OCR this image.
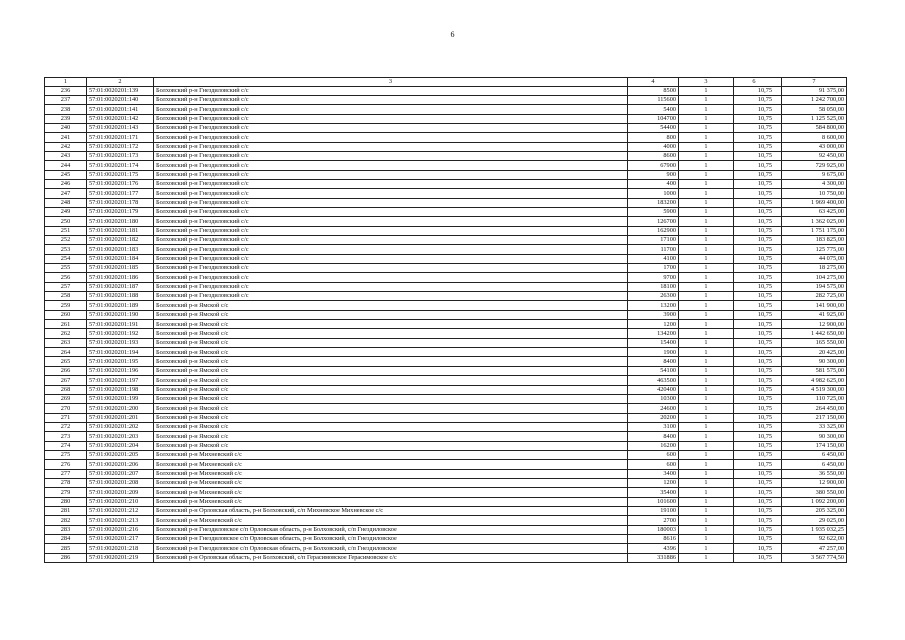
6
1	2	3	4	3	6	7
236	57:01:0020201:139	Болховский р-н Гнездиловский с/с	8500	1	10,75	91 375,00
237	57:01:0020201:140	Болховский р-н Гнездиловский с/с	115600	1	10,75	1 242 700,00
238	57:01:0020201:141	Болховский р-н Гнездиловский с/с	5400	1	10,75	58 050,00
239	57:01:0020201:142	Болховский р-н Гнездиловский с/с	104700	1	10,75	1 125 525,00
240	57:01:0020201:143	Болховский р-н Гнездиловский с/с	54400	1	10,75	584 800,00
241	57:01:0020201:171	Болховский р-н Гнездиловский с/с	800	1	10,75	8 600,00
242	57:01:0020201:172	Болховский р-н Гнездиловский с/с	4000	1	10,75	43 000,00
243	57:01:0020201:173	Болховский р-н Гнездиловский с/с	8600	1	10,75	92 450,00
244	57:01:0020201:174	Болховский р-н Гнездиловский с/с	67900	1	10,75	729 925,00
245	57:01:0020201:175	Болховский р-н Гнездиловский с/с	900	1	10,75	9 675,00
246	57:01:0020201:176	Болховский р-н Гнездиловский с/с	400	1	10,75	4 300,00
247	57:01:0020201:177	Болховский р-н Гнездиловский с/с	1000	1	10,75	10 750,00
248	57:01:0020201:178	Болховский р-н Гнездиловский с/с	183200	1	10,75	1 969 400,00
249	57:01:0020201:179	Болховский р-н Гнездиловский с/с	5900	1	10,75	63 425,00
250	57:01:0020201:180	Болховский р-н Гнездиловский с/с	126700	1	10,75	1 362 025,00
251	57:01:0020201:181	Болховский р-н Гнездиловский с/с	162900	1	10,75	1 751 175,00
252	57:01:0020201:182	Болховский р-н Гнездиловский с/с	17100	1	10,75	183 825,00
253	57:01:0020201:183	Болховский р-н Гнездиловский с/с	11700	1	10,75	125 775,00
254	57:01:0020201:184	Болховский р-н Гнездиловский с/с	4100	1	10,75	44 075,00
255	57:01:0020201:185	Болховский р-н Гнездиловский с/с	1700	1	10,75	18 275,00
256	57:01:0020201:186	Болховский р-н Гнездиловский с/с	9700	1	10,75	104 275,00
257	57:01:0020201:187	Болховский р-н Гнездиловский с/с	18100	1	10,75	194 575,00
258	57:01:0020201:188	Болховский р-н Гнездиловский с/с	26300	1	10,75	282 725,00
259	57:01:0020201:189	Болховский р-н Ямской с/с	13200	1	10,75	141 900,00
260	57:01:0020201:190	Болховский р-н Ямской с/с	3900	1	10,75	41 925,00
261	57:01:0020201:191	Болховский р-н Ямской с/с	1200	1	10,75	12 900,00
262	57:01:0020201:192	Болховский р-н Ямской с/с	134200	1	10,75	1 442 650,00
263	57:01:0020201:193	Болховский р-н Ямской с/с	15400	1	10,75	165 550,00
264	57:01:0020201:194	Болховский р-н Ямской с/с	1900	1	10,75	20 425,00
265	57:01:0020201:195	Болховский р-н Ямской с/с	8400	1	10,75	90 300,00
266	57:01:0020201:196	Болховский р-н Ямской с/с	54100	1	10,75	581 575,00
267	57:01:0020201:197	Болховский р-н Ямской с/с	463500	1	10,75	4 982 625,00
268	57:01:0020201:198	Болховский р-н Ямской с/с	420400	1	10,75	4 519 300,00
269	57:01:0020201:199	Болховский р-н Ямской с/с	10300	1	10,75	110 725,00
270	57:01:0020201:200	Болховский р-н Ямской с/с	24600	1	10,75	264 450,00
271	57:01:0020201:201	Болховский р-н Ямской с/с	20200	1	10,75	217 150,00
272	57:01:0020201:202	Болховский р-н Ямской с/с	3100	1	10,75	33 325,00
273	57:01:0020201:203	Болховский р-н Ямской с/с	8400	1	10,75	90 300,00
274	57:01:0020201:204	Болховский р-н Ямской с/с	16200	1	10,75	174 150,00
275	57:01:0020201:205	Болховский р-н Михневский с/с	600	1	10,75	6 450,00
276	57:01:0020201:206	Болховский р-н Михневский с/с	600	1	10,75	6 450,00
277	57:01:0020201:207	Болховский р-н Михневский с/с	3400	1	10,75	36 550,00
278	57:01:0020201:208	Болховский р-н Михневский с/с	1200	1	10,75	12 900,00
279	57:01:0020201:209	Болховский р-н Михневский с/с	35400	1	10,75	380 550,00
280	57:01:0020201:210	Болховский р-н Михневский с/с	101600	1	10,75	1 092 200,00
281	57:01:0020201:212	Болховский р-н Орловская область, р-н Болховский, с/п Михневское Михневское с/с	19100	1	10,75	205 325,00
282	57:01:0020201:213	Болховский р-н Михневский с/с	2700	1	10,75	29 025,00
283	57:01:0020201:216	Болховский р-н Гнездиловское с/п Орловская область, р-н Болховский, с/п Гнездиловское	180003	1	10,75	1 935 032,25
284	57:01:0020201:217	Болховский р-н Гнездиловское с/п Орловская область, р-н Болховский, с/п Гнездиловское	8616	1	10,75	92 622,00
285	57:01:0020201:218	Болховский р-н Гнездиловское с/п Орловская область, р-н Болховский, с/п Гнездиловское	4396	1	10,75	47 257,00
286	57:01:0020201:219	Болховский р-н Орловская область, р-н Болховский, с/п Герасимовское Герасимовское с/с	331886	1	10,75	3 567 774,50
